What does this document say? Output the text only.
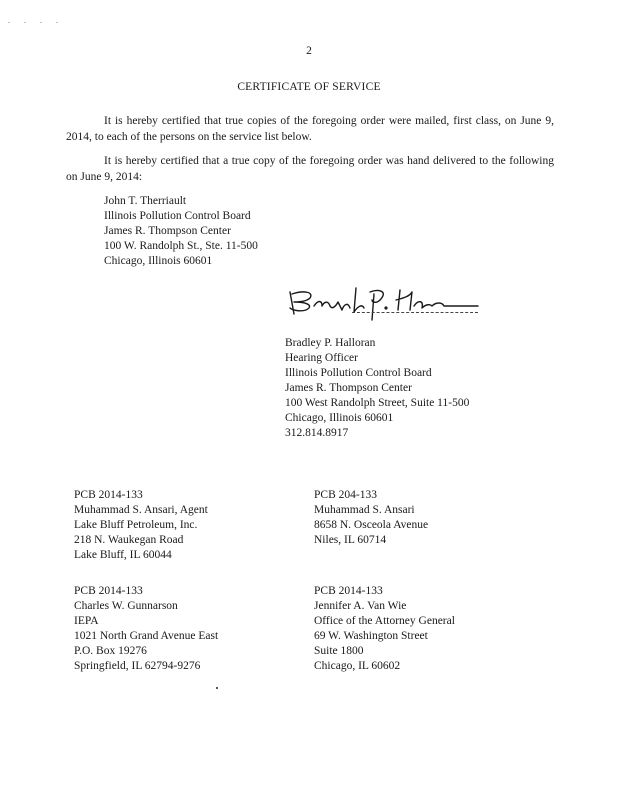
. . . .
2
CERTIFICATE OF SERVICE
It is hereby certified that true copies of the foregoing order were mailed, first class, on June 9, 2014, to each of the persons on the service list below.
It is hereby certified that a true copy of the foregoing order was hand delivered to the following on June 9, 2014:
John T. Therriault
Illinois Pollution Control Board
James R. Thompson Center
100 W. Randolph St., Ste. 11-500
Chicago, Illinois 60601
Bradley P. Halloran
Hearing Officer
Illinois Pollution Control Board
James R. Thompson Center
100 West Randolph Street, Suite 11-500
Chicago, Illinois 60601
312.814.8917
PCB 2014-133
Muhammad S. Ansari, Agent
Lake Bluff Petroleum, Inc.
218 N. Waukegan Road
Lake Bluff, IL 60044
PCB 204-133
Muhammad S. Ansari
8658 N. Osceola Avenue
Niles, IL 60714
PCB 2014-133
Charles W. Gunnarson
IEPA
1021 North Grand Avenue East
P.O. Box 19276
Springfield, IL 62794-9276
PCB 2014-133
Jennifer A. Van Wie
Office of the Attorney General
69 W. Washington Street
Suite 1800
Chicago, IL 60602
